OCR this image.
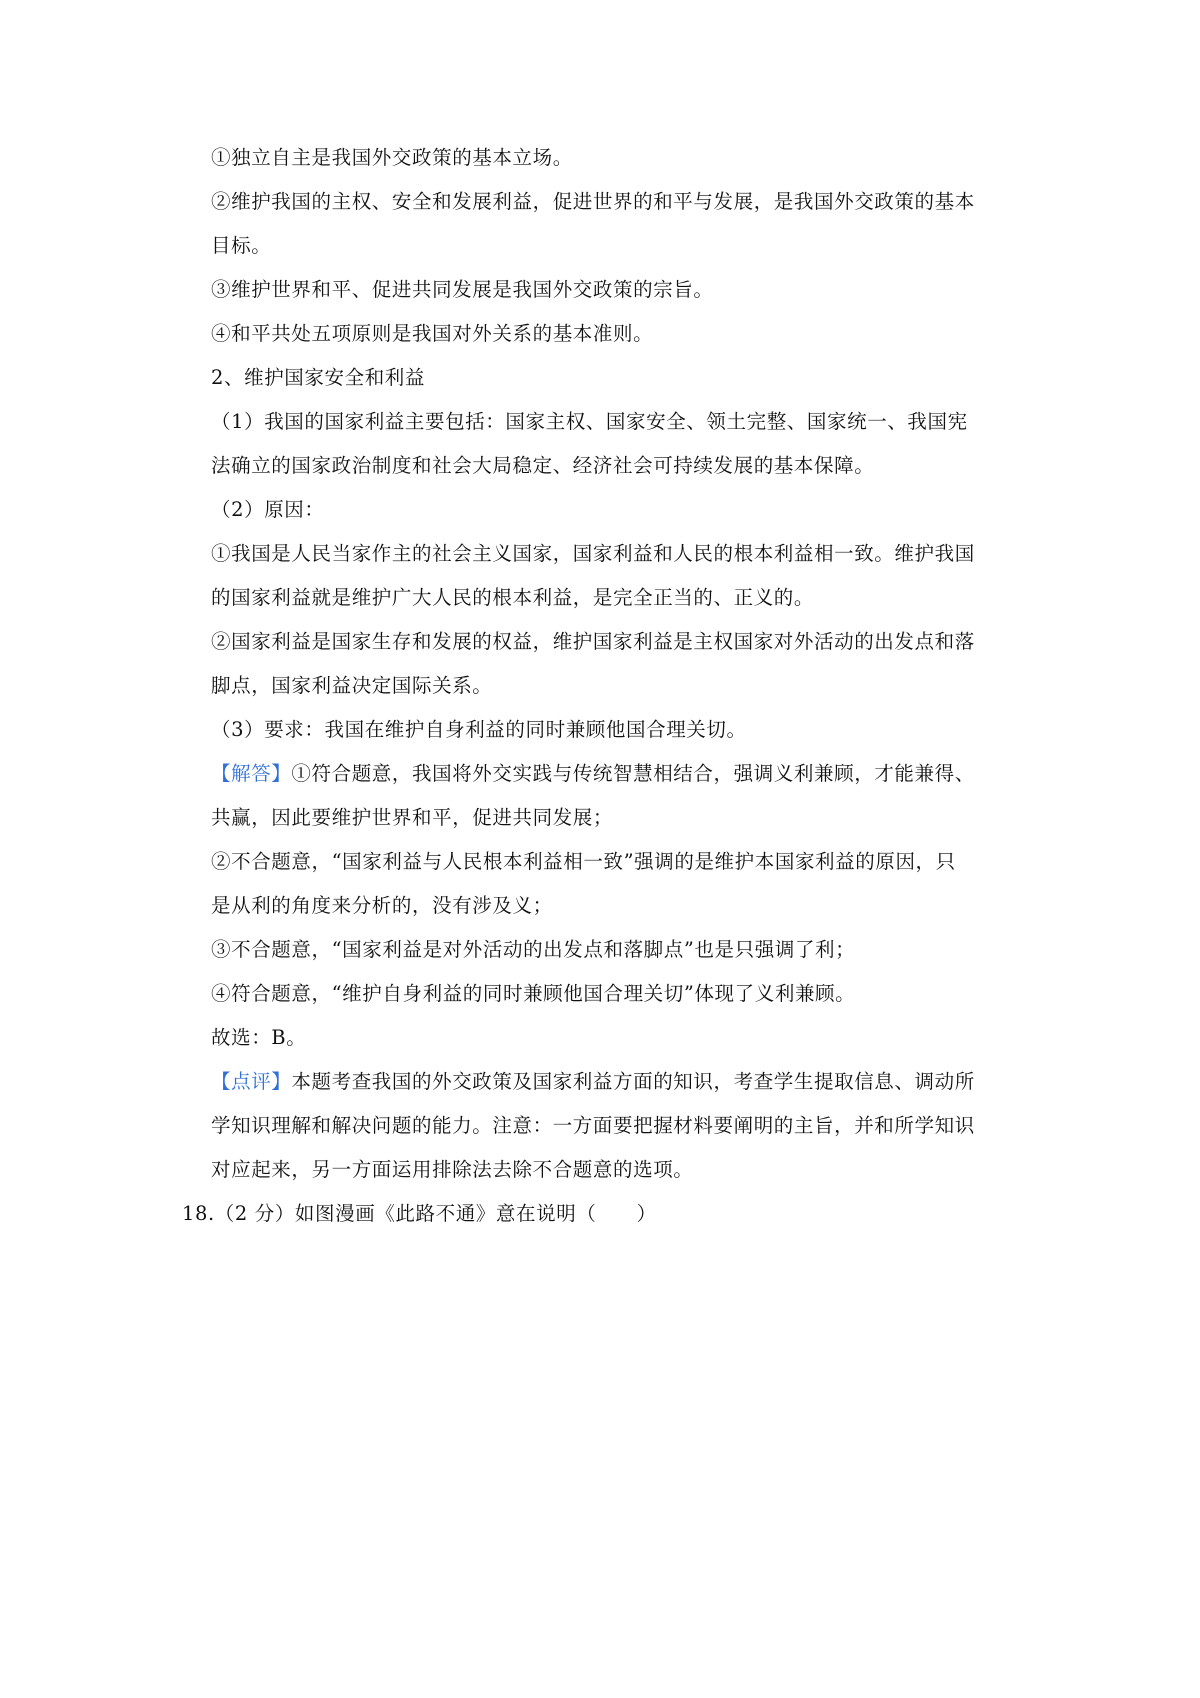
①独立自主是我国外交政策的基本立场。
②维护我国的主权、安全和发展利益，促进世界的和平与发展，是我国外交政策的基本
目标。
③维护世界和平、促进共同发展是我国外交政策的宗旨。
④和平共处五项原则是我国对外关系的基本准则。
2、维护国家安全和利益
（1）我国的国家利益主要包括：国家主权、国家安全、领土完整、国家统一、我国宪
法确立的国家政治制度和社会大局稳定、经济社会可持续发展的基本保障。
（2）原因：
①我国是人民当家作主的社会主义国家，国家利益和人民的根本利益相一致。维护我国
的国家利益就是维护广大人民的根本利益，是完全正当的、正义的。
②国家利益是国家生存和发展的权益，维护国家利益是主权国家对外活动的出发点和落
脚点，国家利益决定国际关系。
（3）要求：我国在维护自身利益的同时兼顾他国合理关切。
【解答】①符合题意，我国将外交实践与传统智慧相结合，强调义利兼顾，才能兼得、
共赢，因此要维护世界和平，促进共同发展；
②不合题意，“国家利益与人民根本利益相一致”强调的是维护本国家利益的原因，只
是从利的角度来分析的，没有涉及义；
③不合题意，“国家利益是对外活动的出发点和落脚点”也是只强调了利；
④符合题意，“维护自身利益的同时兼顾他国合理关切”体现了义利兼顾。
故选：B。
【点评】本题考查我国的外交政策及国家利益方面的知识，考查学生提取信息、调动所
学知识理解和解决问题的能力。注意：一方面要把握材料要阐明的主旨，并和所学知识
对应起来，另一方面运用排除法去除不合题意的选项。
18.（2 分）如图漫画《此路不通》意在说明（　　）
